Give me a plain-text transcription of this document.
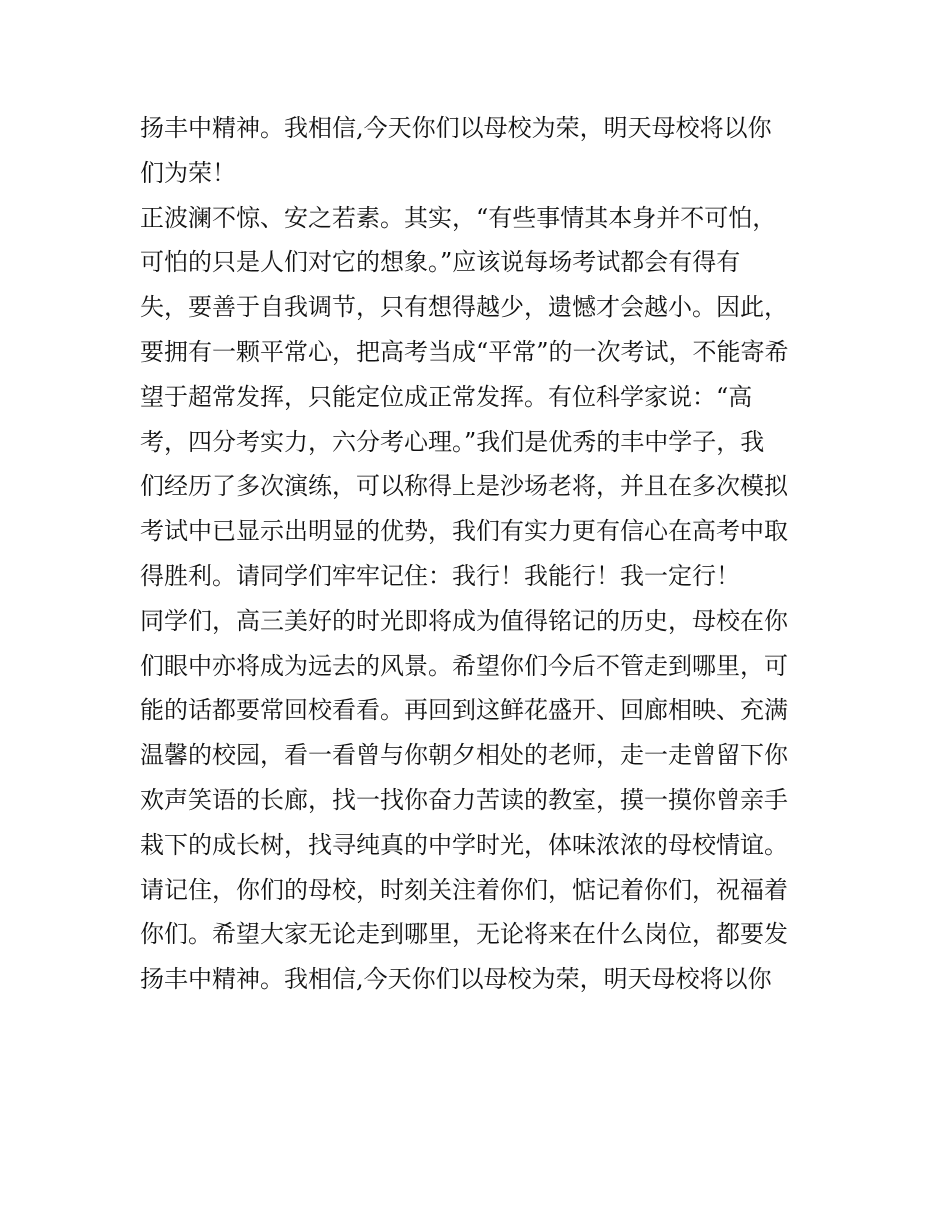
扬丰中精神。我相信,今天你们以母校为荣，明天母校将以你
们为荣！
正波澜不惊、安之若素。其实，“有些事情其本身并不可怕，
可怕的只是人们对它的想象。”应该说每场考试都会有得有
失，要善于自我调节，只有想得越少，遗憾才会越小。因此，
要拥有一颗平常心，把高考当成“平常”的一次考试，不能寄希
望于超常发挥，只能定位成正常发挥。有位科学家说：“高
考，四分考实力，六分考心理。”我们是优秀的丰中学子，我
们经历了多次演练，可以称得上是沙场老将，并且在多次模拟
考试中已显示出明显的优势，我们有实力更有信心在高考中取
得胜利。请同学们牢牢记住：我行！我能行！我一定行！
同学们，高三美好的时光即将成为值得铭记的历史，母校在你
们眼中亦将成为远去的风景。希望你们今后不管走到哪里，可
能的话都要常回校看看。再回到这鲜花盛开、回廊相映、充满
温馨的校园，看一看曾与你朝夕相处的老师，走一走曾留下你
欢声笑语的长廊，找一找你奋力苦读的教室，摸一摸你曾亲手
栽下的成长树，找寻纯真的中学时光，体味浓浓的母校情谊。
请记住，你们的母校，时刻关注着你们，惦记着你们，祝福着
你们。希望大家无论走到哪里，无论将来在什么岗位，都要发
扬丰中精神。我相信,今天你们以母校为荣，明天母校将以你
